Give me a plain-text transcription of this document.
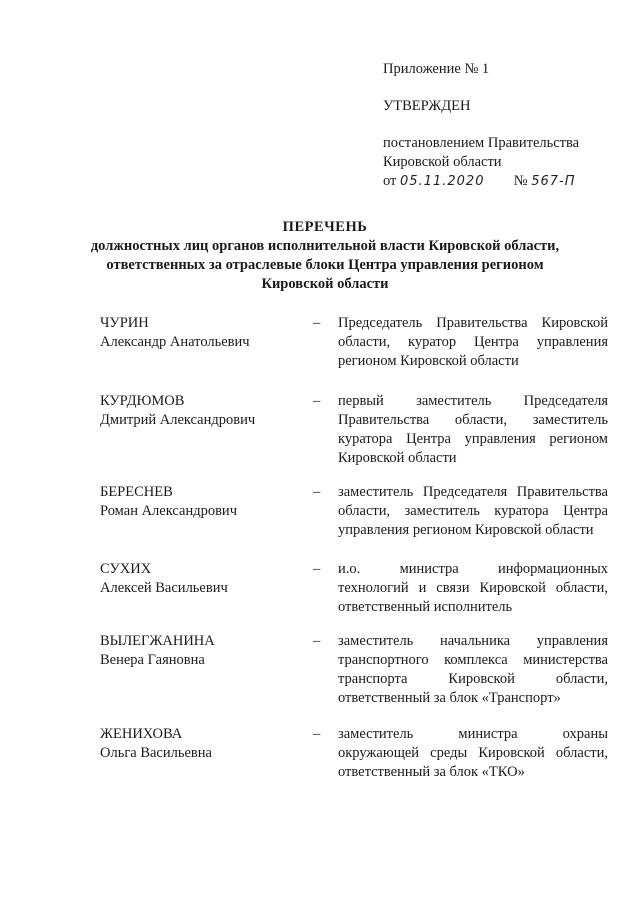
Приложение № 1
УТВЕРЖДЕН
постановлением Правительства
Кировской области
от 05.11.2020 № 567-П
ПЕРЕЧЕНЬ
должностных лиц органов исполнительной власти Кировской области,
ответственных за отраслевые блоки Центра управления регионом
Кировской области
ЧУРИН
Александр Анатольевич
– Председатель Правительства Кировской области, куратор Центра управления регионом Кировской области
КУРДЮМОВ
Дмитрий Александрович
– первый заместитель Председателя Правительства области, заместитель куратора Центра управления регионом Кировской области
БЕРЕСНЕВ
Роман Александрович
– заместитель Председателя Правительства области, заместитель куратора Центра управления регионом Кировской области
СУХИХ
Алексей Васильевич
– и.о. министра информационных технологий и связи Кировской области, ответственный исполнитель
ВЫЛЕГЖАНИНА
Венера Гаяновна
– заместитель начальника управления транспортного комплекса министерства транспорта Кировской области, ответственный за блок «Транспорт»
ЖЕНИХОВА
Ольга Васильевна
– заместитель министра охраны окружающей среды Кировской области, ответственный за блок «ТКО»
